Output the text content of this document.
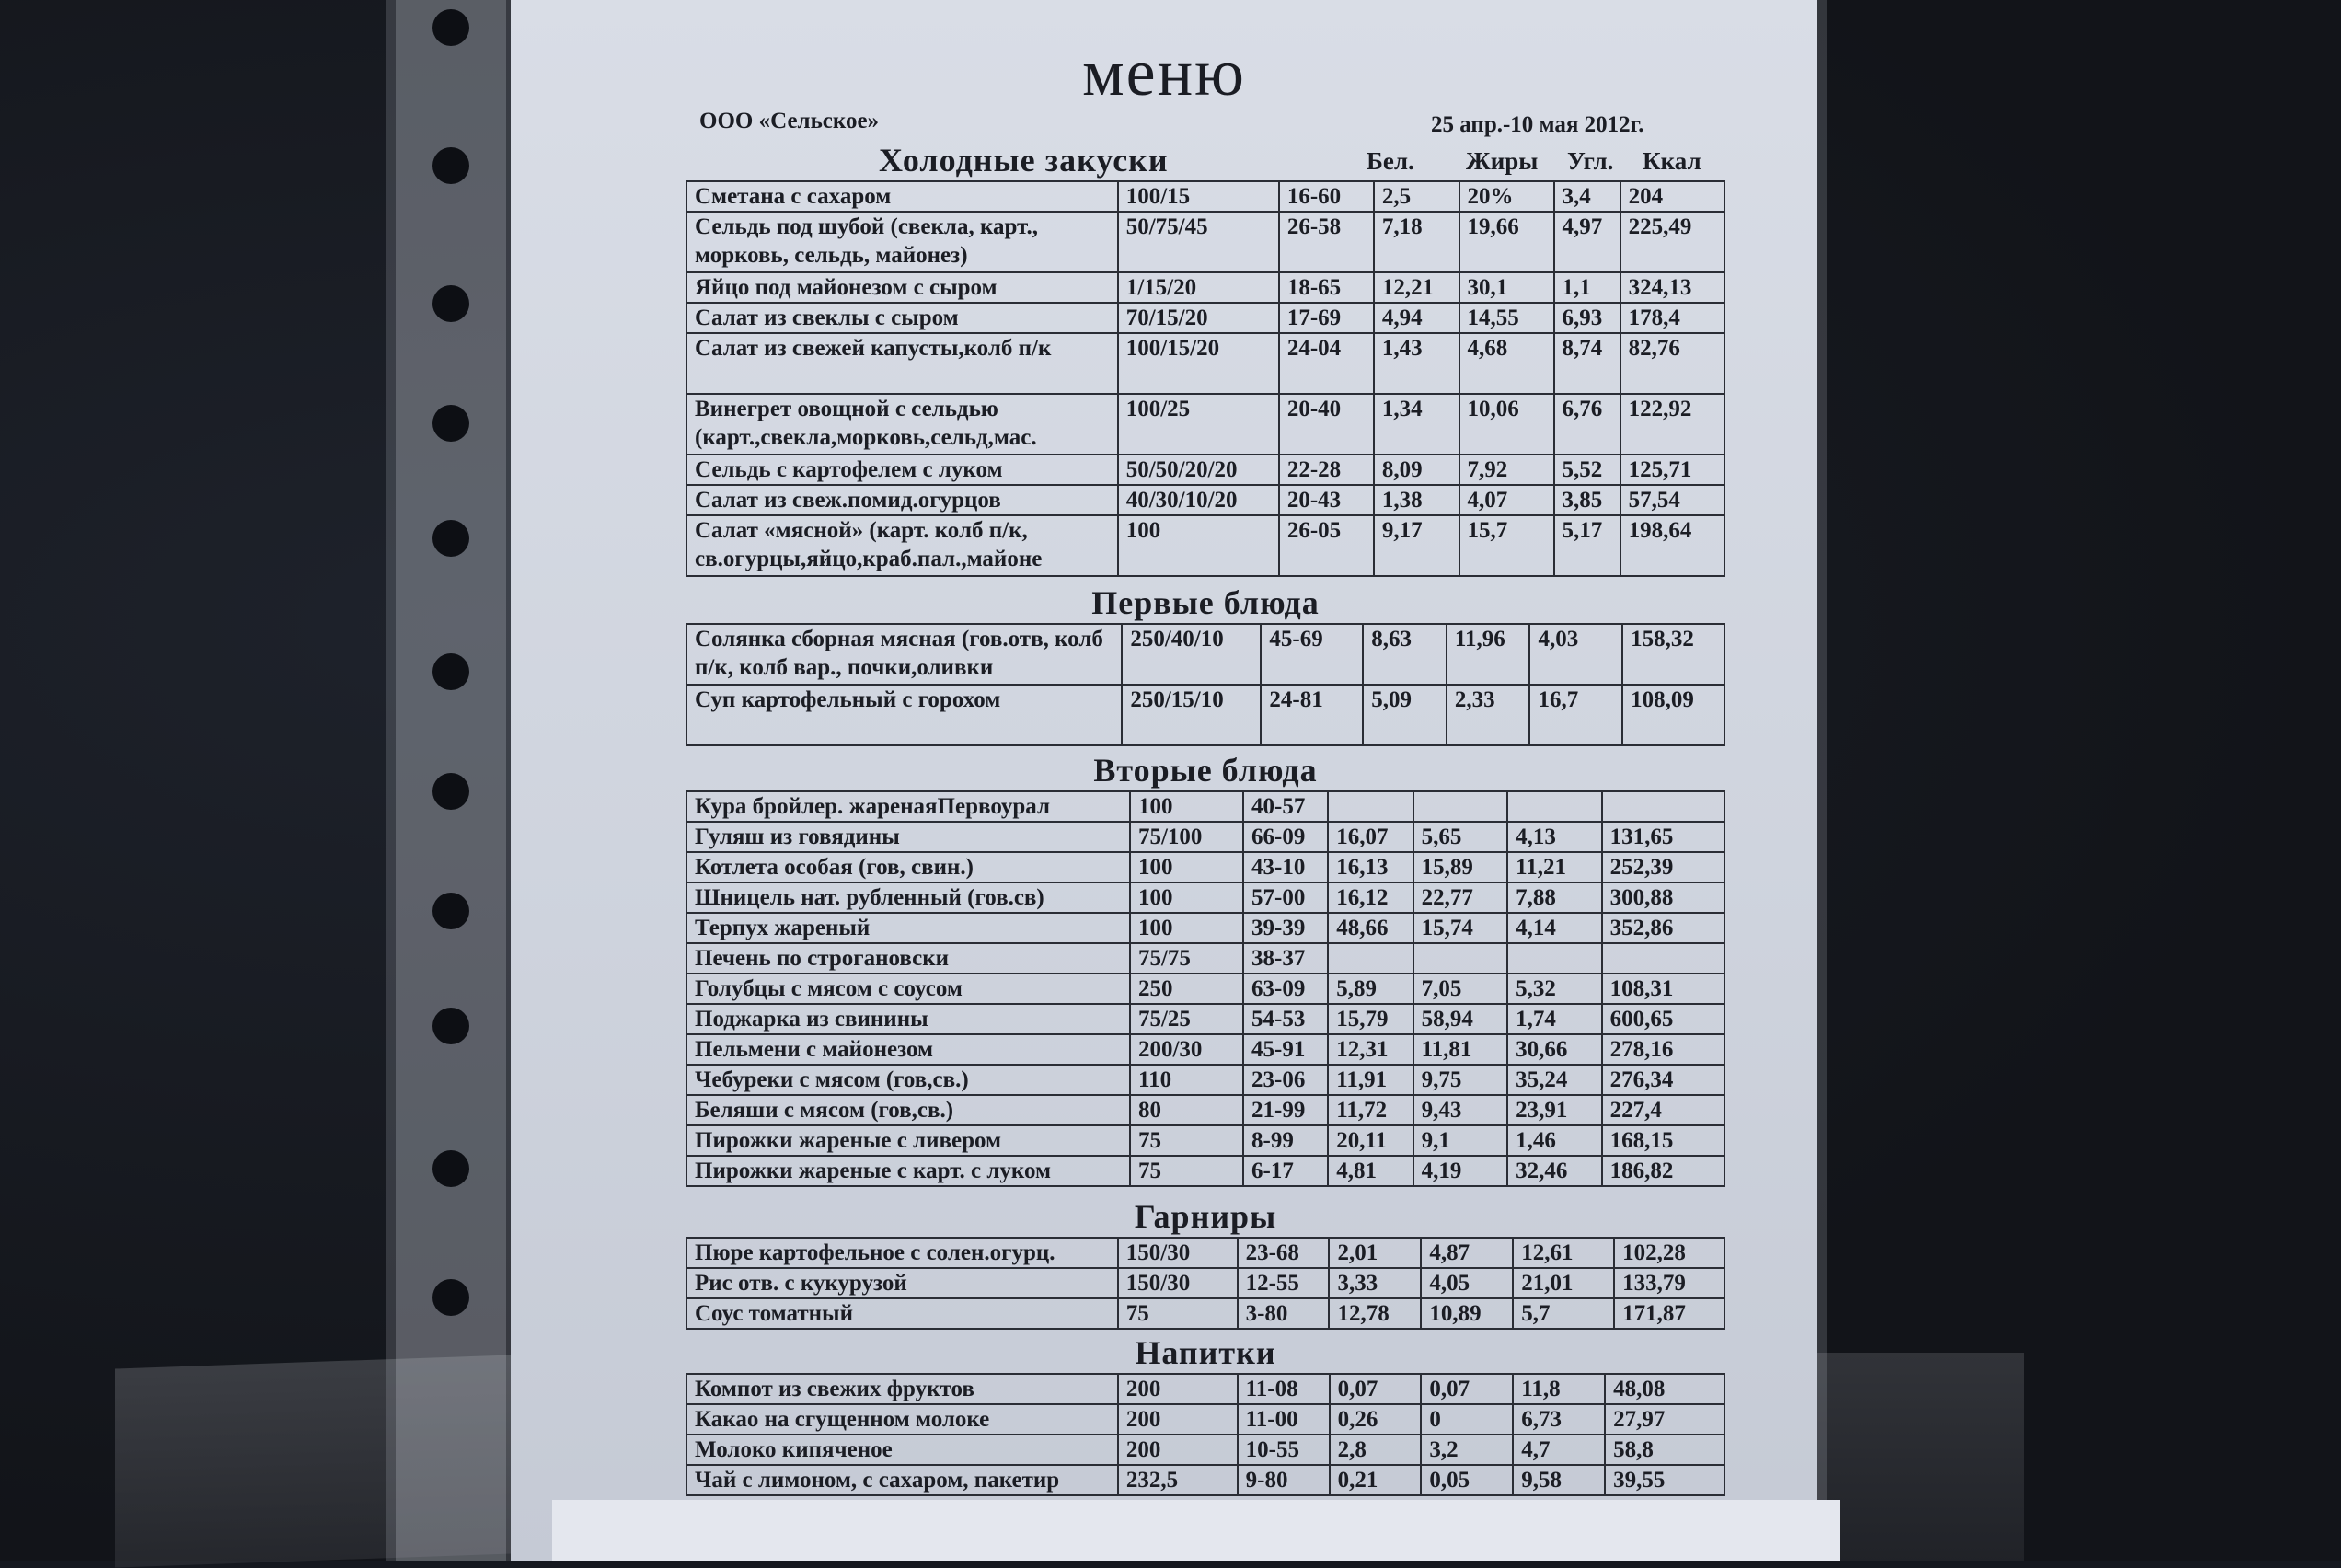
меню
ООО «Сельское»	25 апр.-10 мая 2012г.
Холодные закуски	Бел. Жиры Угл. Ккал
Сметана с сахаром	100/15	16-60	2,5	20%	3,4	204
Сельдь под шубой (свекла, карт., морковь, сельдь, майонез)	50/75/45	26-58	7,18	19,66	4,97	225,49
Яйцо под майонезом с сыром	1/15/20	18-65	12,21	30,1	1,1	324,13
Салат из свеклы с сыром	70/15/20	17-69	4,94	14,55	6,93	178,4
Салат из свежей капусты,колб п/к	100/15/20	24-04	1,43	4,68	8,74	82,76
Винегрет овощной с сельдью (карт.,свекла,морковь,сельд,мас.	100/25	20-40	1,34	10,06	6,76	122,92
Сельдь с картофелем с луком	50/50/20/20	22-28	8,09	7,92	5,52	125,71
Салат из свеж.помид.огурцов	40/30/10/20	20-43	1,38	4,07	3,85	57,54
Салат «мясной» (карт. колб п/к, св.огурцы,яйцо,краб.пал.,майоне	100	26-05	9,17	15,7	5,17	198,64
Первые блюда
Солянка сборная мясная (гов.отв, колб п/к, колб вар., почки,оливки	250/40/10	45-69	8,63	11,96	4,03	158,32
Суп картофельный с горохом	250/15/10	24-81	5,09	2,33	16,7	108,09
Вторые блюда
Кура бройлер. жаренаяПервоурал	100	40-57				
Гуляш из говядины	75/100	66-09	16,07	5,65	4,13	131,65
Котлета особая (гов, свин.)	100	43-10	16,13	15,89	11,21	252,39
Шницель нат. рубленный (гов.св)	100	57-00	16,12	22,77	7,88	300,88
Терпух жареный	100	39-39	48,66	15,74	4,14	352,86
Печень по строгановски	75/75	38-37				
Голубцы с мясом с соусом	250	63-09	5,89	7,05	5,32	108,31
Поджарка из свинины	75/25	54-53	15,79	58,94	1,74	600,65
Пельмени с майонезом	200/30	45-91	12,31	11,81	30,66	278,16
Чебуреки с мясом (гов,св.)	110	23-06	11,91	9,75	35,24	276,34
Беляши с мясом (гов,св.)	80	21-99	11,72	9,43	23,91	227,4
Пирожки жареные с ливером	75	8-99	20,11	9,1	1,46	168,15
Пирожки жареные с карт. с луком	75	6-17	4,81	4,19	32,46	186,82
Гарниры
Пюре картофельное с солен.огурц.	150/30	23-68	2,01	4,87	12,61	102,28
Рис отв. с кукурузой	150/30	12-55	3,33	4,05	21,01	133,79
Соус томатный	75	3-80	12,78	10,89	5,7	171,87
Напитки
Компот из свежих фруктов	200	11-08	0,07	0,07	11,8	48,08
Какао на сгущенном молоке	200	11-00	0,26	0	6,73	27,97
Молоко кипяченое	200	10-55	2,8	3,2	4,7	58,8
Чай с лимоном, с сахаром, пакетир	232,5	9-80	0,21	0,05	9,58	39,55
